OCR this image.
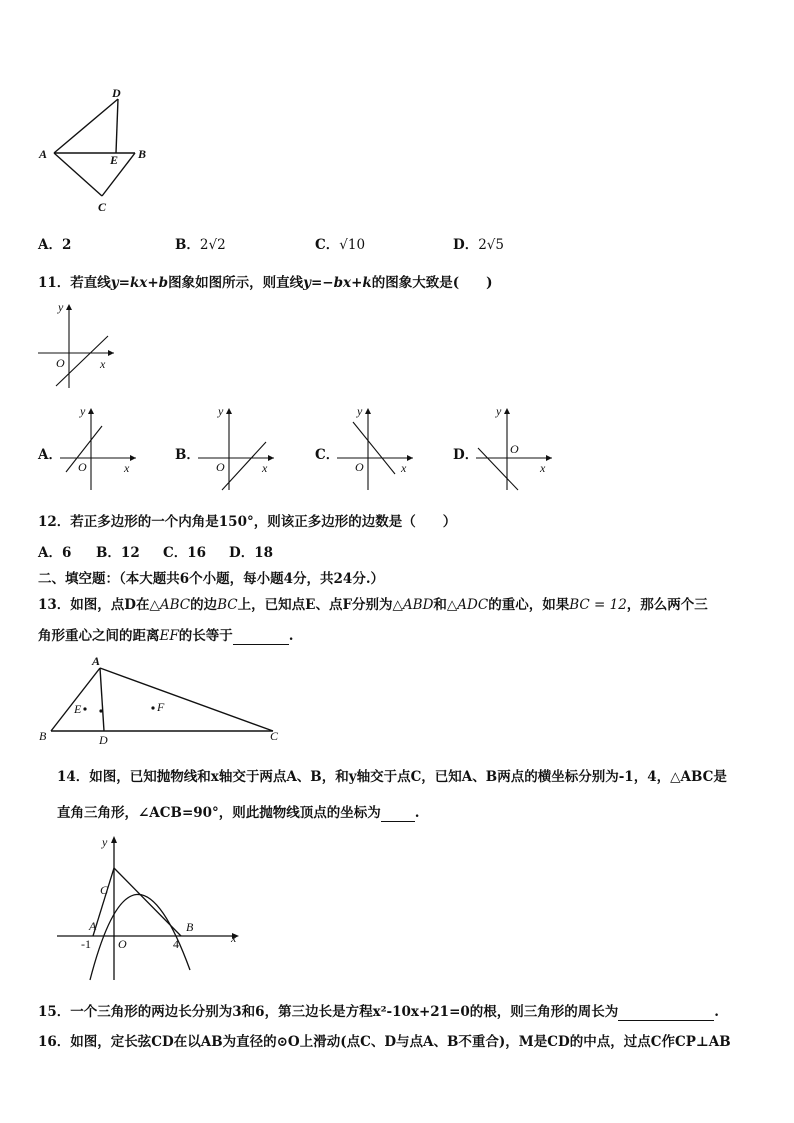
D
A	E B
C
A．2	B．2√2	C．√10	D．2√5
11．若直线y=kx+b图象如图所示，则直线y=−bx+k的图象大致是(　　)
y
x
O
A．
y
x
O
B．
y
x
O
C．
y
x
O
D．
y
x
O
12．若正多边形的一个内角是150°，则该正多边形的边数是（　　）
A．6 B．12 C．16 D．18
二、填空题：（本大题共6个小题，每小题4分，共24分.）
13．如图，点D在△ABC的边BC上，已知点E、点F分别为△ABD和△ADC的重心，如果BC = 12，那么两个三
角形重心之间的距离EF的长等于	.
A
B	C
D
E	F
14．如图，已知抛物线和x轴交于两点A、B，和y轴交于点C，已知A、B两点的横坐标分别为-1，4，△ABC是
直角三角形，∠ACB=90°，则此抛物线顶点的坐标为	.
y
x
C
A	B
O
-1	4
15．一个三角形的两边长分别为3和6，第三边长是方程x²-10x+21=0的根，则三角形的周长为	.
16．如图，定长弦CD在以AB为直径的⊙O上滑动(点C、D与点A、B不重合)，M是CD的中点，过点C作CP⊥AB
